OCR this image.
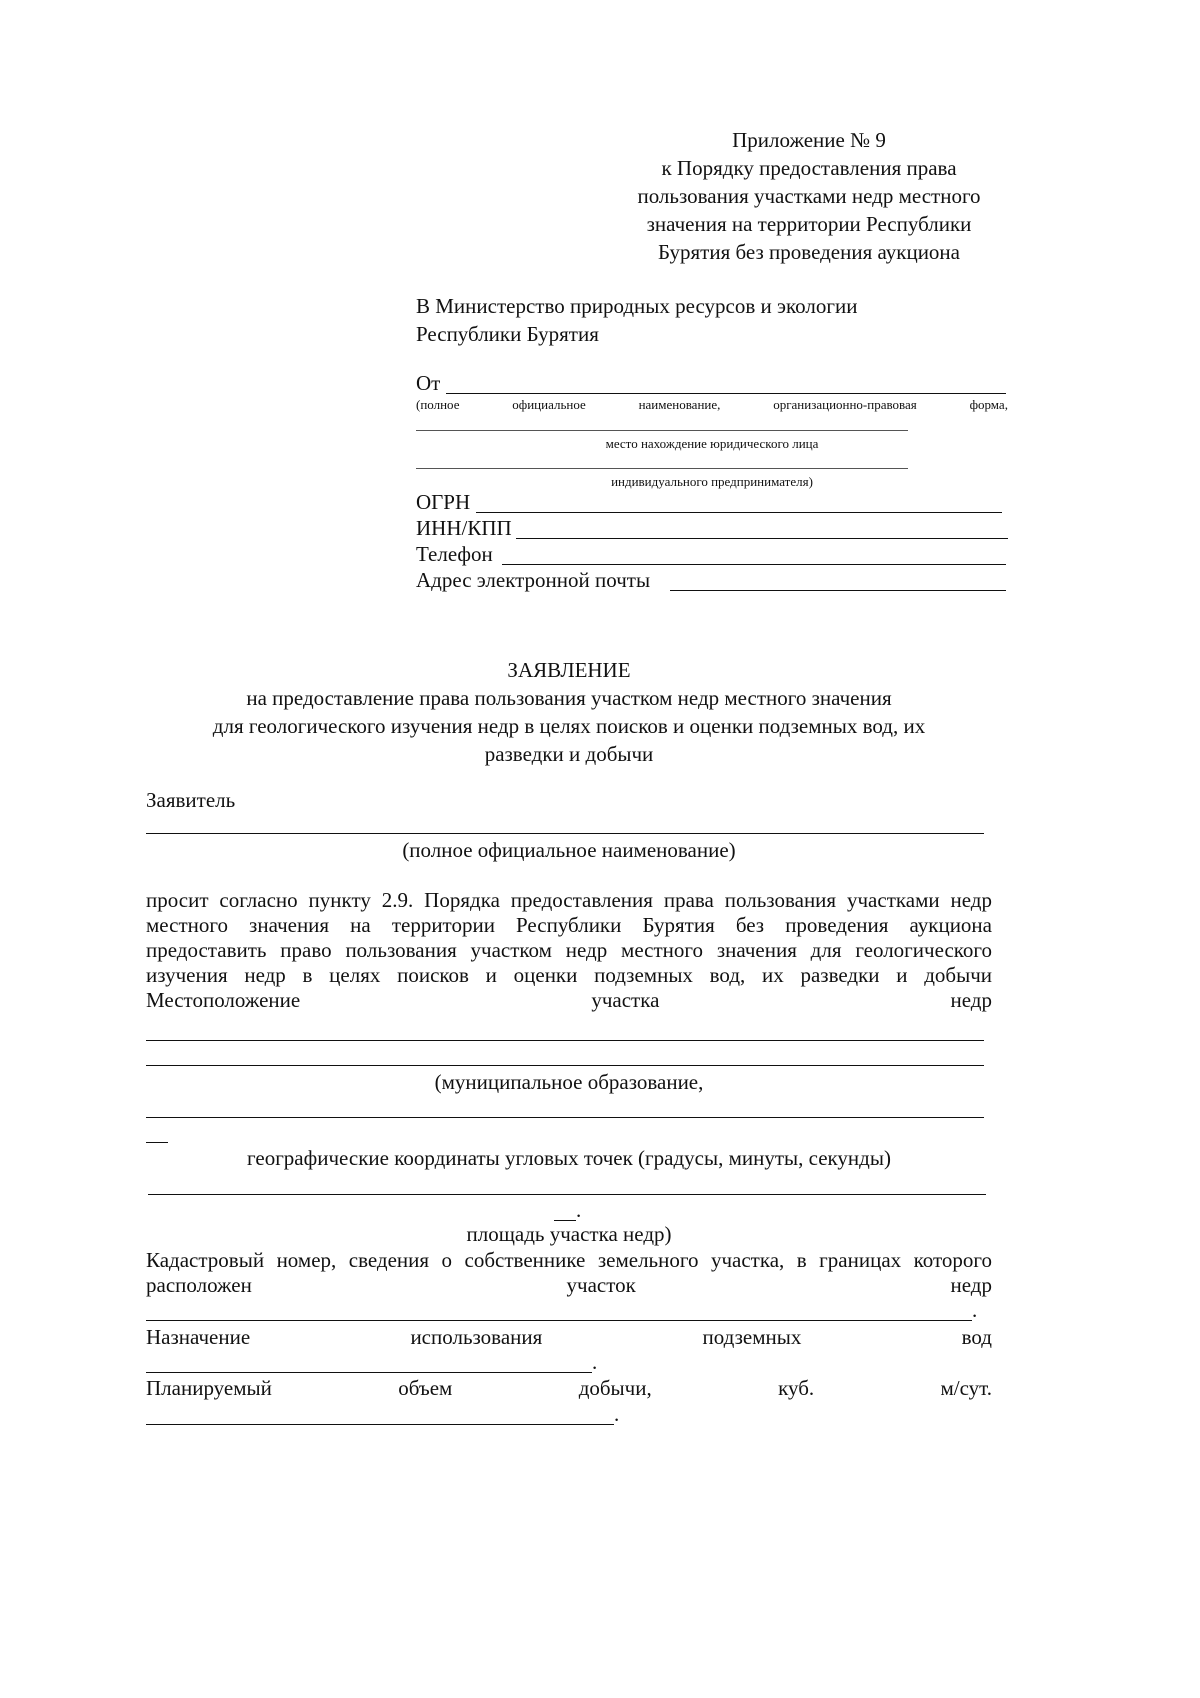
Приложение № 9
к Порядку предоставления права
пользования участками недр местного
значения на территории Республики
Бурятия без проведения аукциона
В Министерство природных ресурсов и экологии
Республики Бурятия
От
(полное	официальное	наименование,	организационно-правовая	форма,
место нахождение юридического лица
индивидуального предпринимателя)
ОГРН
ИНН/КПП
Телефон
Адрес электронной почты
ЗАЯВЛЕНИЕ
на предоставление права пользования участком недр местного значения
для геологического изучения недр в целях поисков и оценки подземных вод, их
разведки и добычи
Заявитель
(полное официальное наименование)
просит согласно пункту 2.9. Порядка предоставления права пользования участками недр
местного значения на территории Республики Бурятия без проведения аукциона
предоставить право пользования участком недр местного значения для геологического
изучения недр в целях поисков и оценки подземных вод, их разведки и добычи
Местоположение	участка	недр
(муниципальное образование,
географические координаты угловых точек (градусы, минуты, секунды)
.
площадь участка недр)
Кадастровый номер, сведения о собственнике земельного участка, в границах которого
расположен	участок	недр
.
Назначение	использования	подземных	вод
.
Планируемый	объем	добычи,	куб.	м/сут.
.
